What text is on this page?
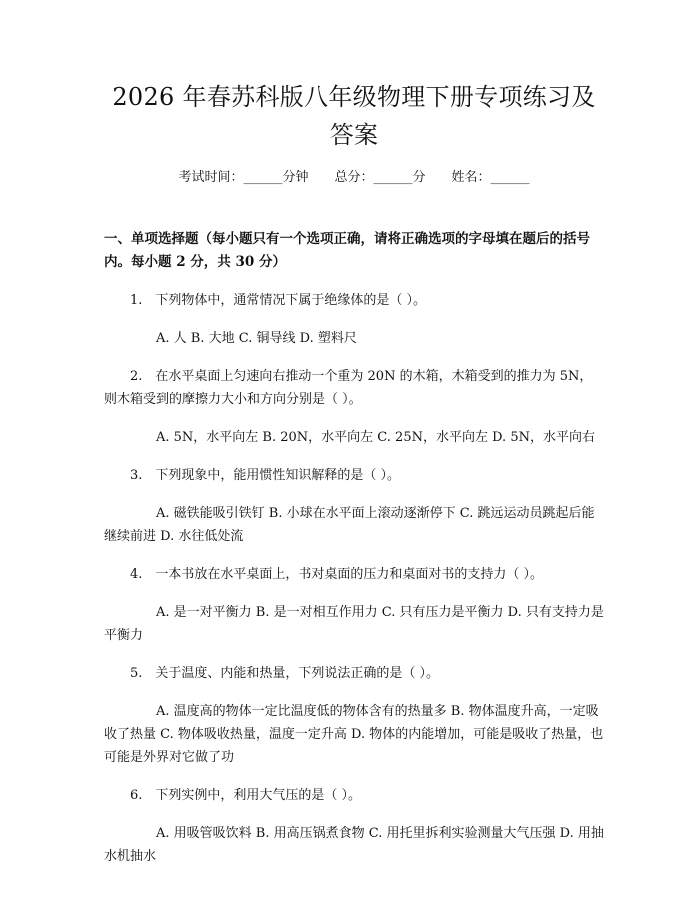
2026 年春苏科版八年级物理下册专项练习及答案
考试时间：______分钟 总分：______分 姓名：______
一、单项选择题（每小题只有一个选项正确，请将正确选项的字母填在题后的括号内。每小题 2 分，共 30 分）
1.　下列物体中，通常情况下属于绝缘体的是（ ）。
A. 人 B. 大地 C. 铜导线 D. 塑料尺
2.　在水平桌面上匀速向右推动一个重为 20N 的木箱，木箱受到的推力为 5N，则木箱受到的摩擦力大小和方向分别是（ ）。
A. 5N，水平向左 B. 20N，水平向左 C. 25N，水平向左 D. 5N，水平向右
3.　下列现象中，能用惯性知识解释的是（ ）。
A. 磁铁能吸引铁钉 B. 小球在水平面上滚动逐渐停下 C. 跳远运动员跳起后能继续前进 D. 水往低处流
4.　一本书放在水平桌面上，书对桌面的压力和桌面对书的支持力（ ）。
A. 是一对平衡力 B. 是一对相互作用力 C. 只有压力是平衡力 D. 只有支持力是平衡力
5.　关于温度、内能和热量，下列说法正确的是（ ）。
A. 温度高的物体一定比温度低的物体含有的热量多 B. 物体温度升高，一定吸收了热量 C. 物体吸收热量，温度一定升高 D. 物体的内能增加，可能是吸收了热量，也可能是外界对它做了功
6.　下列实例中，利用大气压的是（ ）。
A. 用吸管吸饮料 B. 用高压锅煮食物 C. 用托里拆利实验测量大气压强 D. 用抽水机抽水
